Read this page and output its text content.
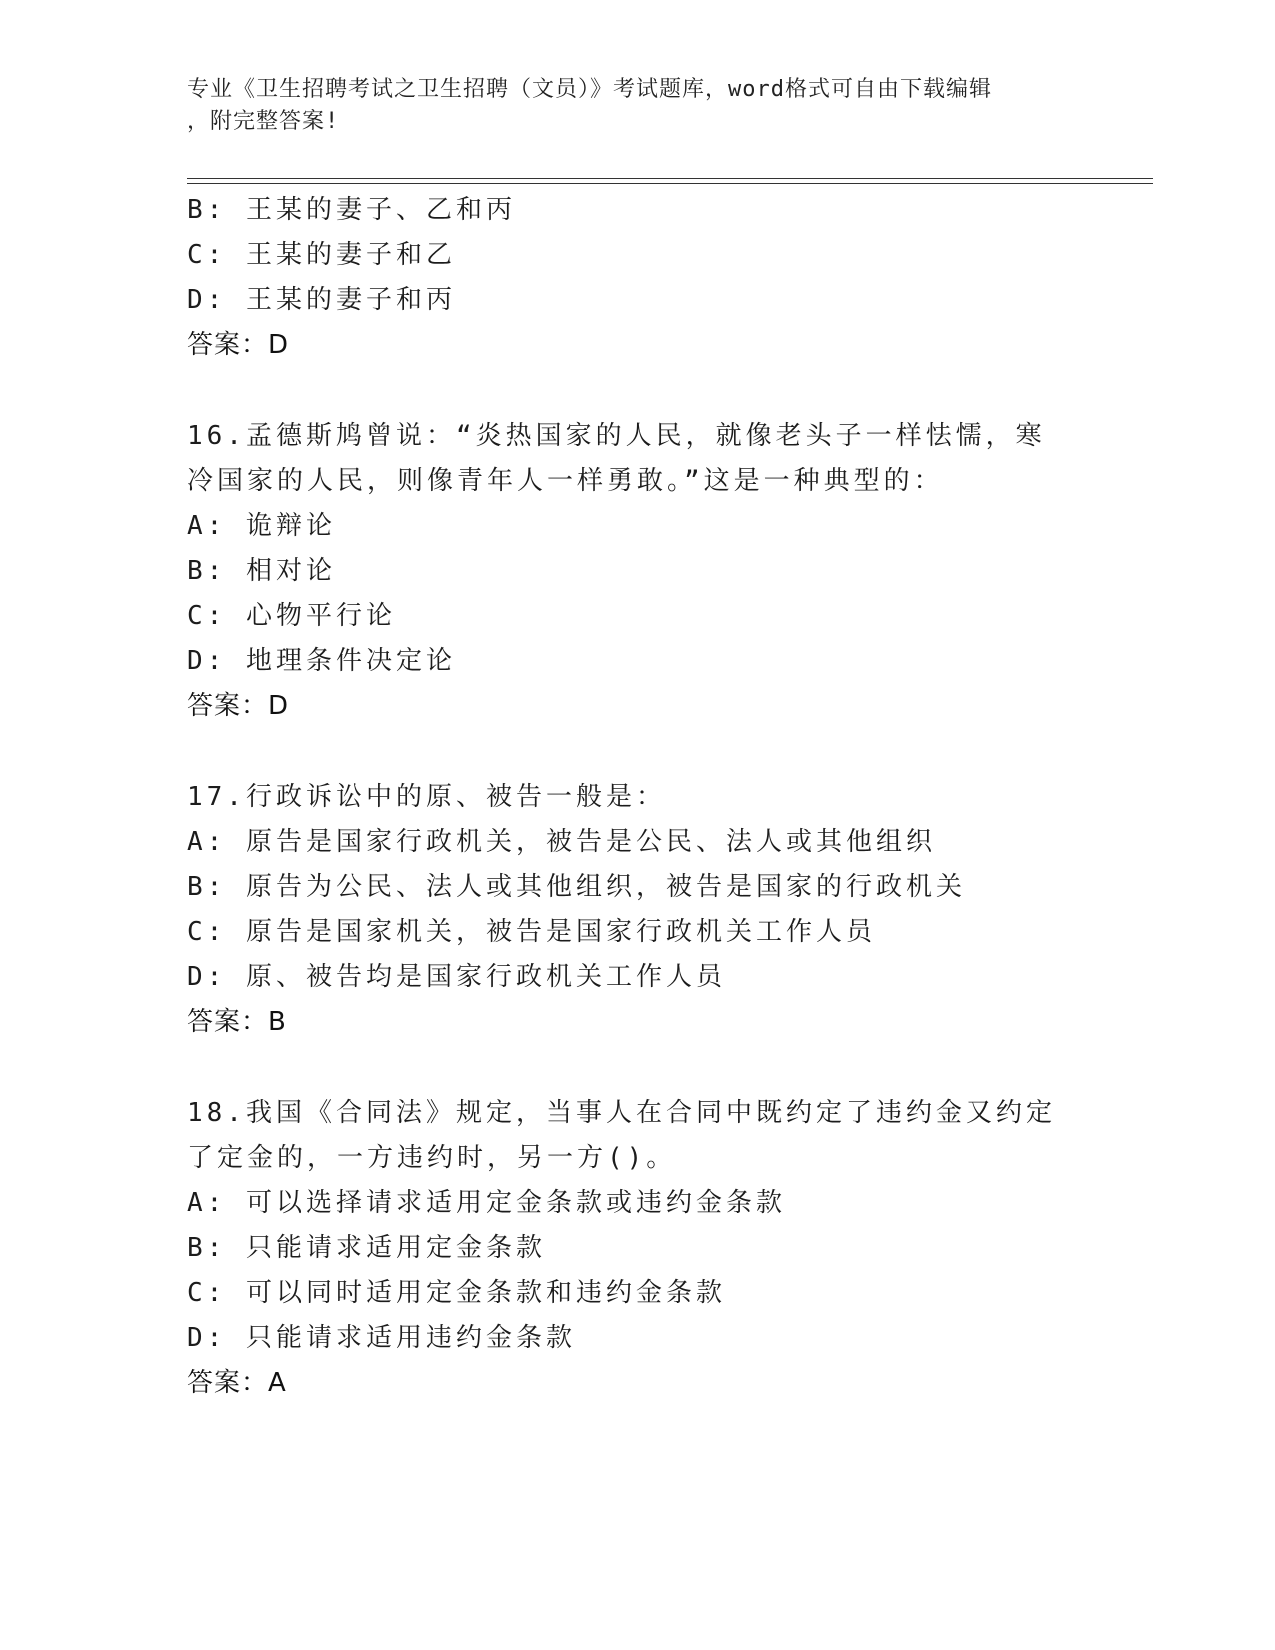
专业《卫生招聘考试之卫生招聘（文员）》考试题库，word格式可自由下载编辑
，附完整答案!
B: 王某的妻子、乙和丙
C: 王某的妻子和乙
D: 王某的妻子和丙
答案：D
16.孟德斯鸠曾说：“炎热国家的人民，就像老头子一样怯懦，寒冷国家的人民，则像青年人一样勇敢。”这是一种典型的：
A: 诡辩论
B: 相对论
C: 心物平行论
D: 地理条件决定论
答案：D
17.行政诉讼中的原、被告一般是：
A: 原告是国家行政机关，被告是公民、法人或其他组织
B: 原告为公民、法人或其他组织，被告是国家的行政机关
C: 原告是国家机关，被告是国家行政机关工作人员
D: 原、被告均是国家行政机关工作人员
答案：B
18.我国《合同法》规定，当事人在合同中既约定了违约金又约定了定金的，一方违约时，另一方()。
A: 可以选择请求适用定金条款或违约金条款
B: 只能请求适用定金条款
C: 可以同时适用定金条款和违约金条款
D: 只能请求适用违约金条款
答案：A
